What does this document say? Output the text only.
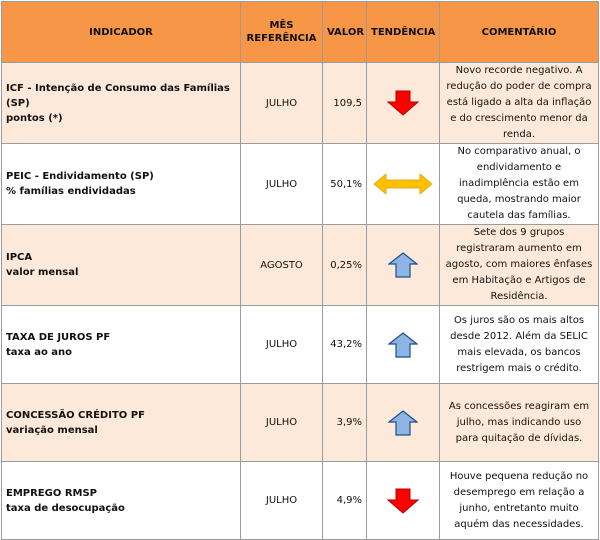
INDICADOR	MÊS
REFERÊNCIA	VALOR	TENDÊNCIA	COMENTÁRIO

ICF - Intenção de Consumo das Famílias (SP)
pontos (*)	JULHO	109,5		Novo recorde negativo. A redução do poder de compra está ligado a alta da inflação e do crescimento menor da renda.

PEIC - Endividamento (SP)
% famílias endividadas	JULHO	50,1%		No comparativo anual, o endividamento e inadimplência estão em queda, mostrando maior cautela das famílias.

IPCA
valor mensal	AGOSTO	0,25%		Sete dos 9 grupos registraram aumento em agosto, com maiores ênfases em Habitação e Artigos de Residência.

TAXA DE JUROS PF
taxa ao ano	JULHO	43,2%		Os juros são os mais altos desde 2012. Além da SELIC mais elevada, os bancos restrigem mais o crédito.

CONCESSÃO CRÉDITO PF
variação mensal	JULHO	3,9%		As concessões reagiram em julho, mas indicando uso para quitação de dívidas.

EMPREGO RMSP
taxa de desocupação	JULHO	4,9%		Houve pequena redução no desemprego em relação a junho, entretanto muito aquém das necessidades.
